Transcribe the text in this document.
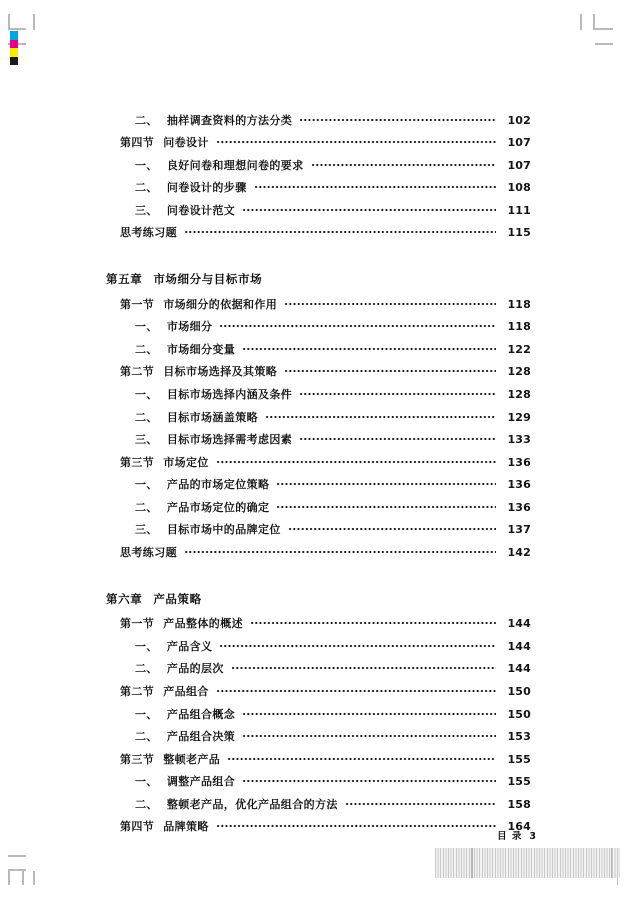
二、 抽样调查资料的方法分类	102
第四节 问卷设计	107
一、 良好问卷和理想问卷的要求	107
二、 问卷设计的步骤	108
三、 问卷设计范文	111
思考练习题	115
第五章 市场细分与目标市场
第一节 市场细分的依据和作用	118
一、 市场细分	118
二、 市场细分变量	122
第二节 目标市场选择及其策略	128
一、 目标市场选择内涵及条件	128
二、 目标市场涵盖策略	129
三、 目标市场选择需考虑因素	133
第三节 市场定位	136
一、 产品的市场定位策略	136
二、 产品市场定位的确定	136
三、 目标市场中的品牌定位	137
思考练习题	142
第六章 产品策略
第一节 产品整体的概述	144
一、 产品含义	144
二、 产品的层次	144
第二节 产品组合	150
一、 产品组合概念	150
二、 产品组合决策	153
第三节 整顿老产品	155
一、 调整产品组合	155
二、 整顿老产品，优化产品组合的方法	158
第四节 品牌策略	164
目 录 3
